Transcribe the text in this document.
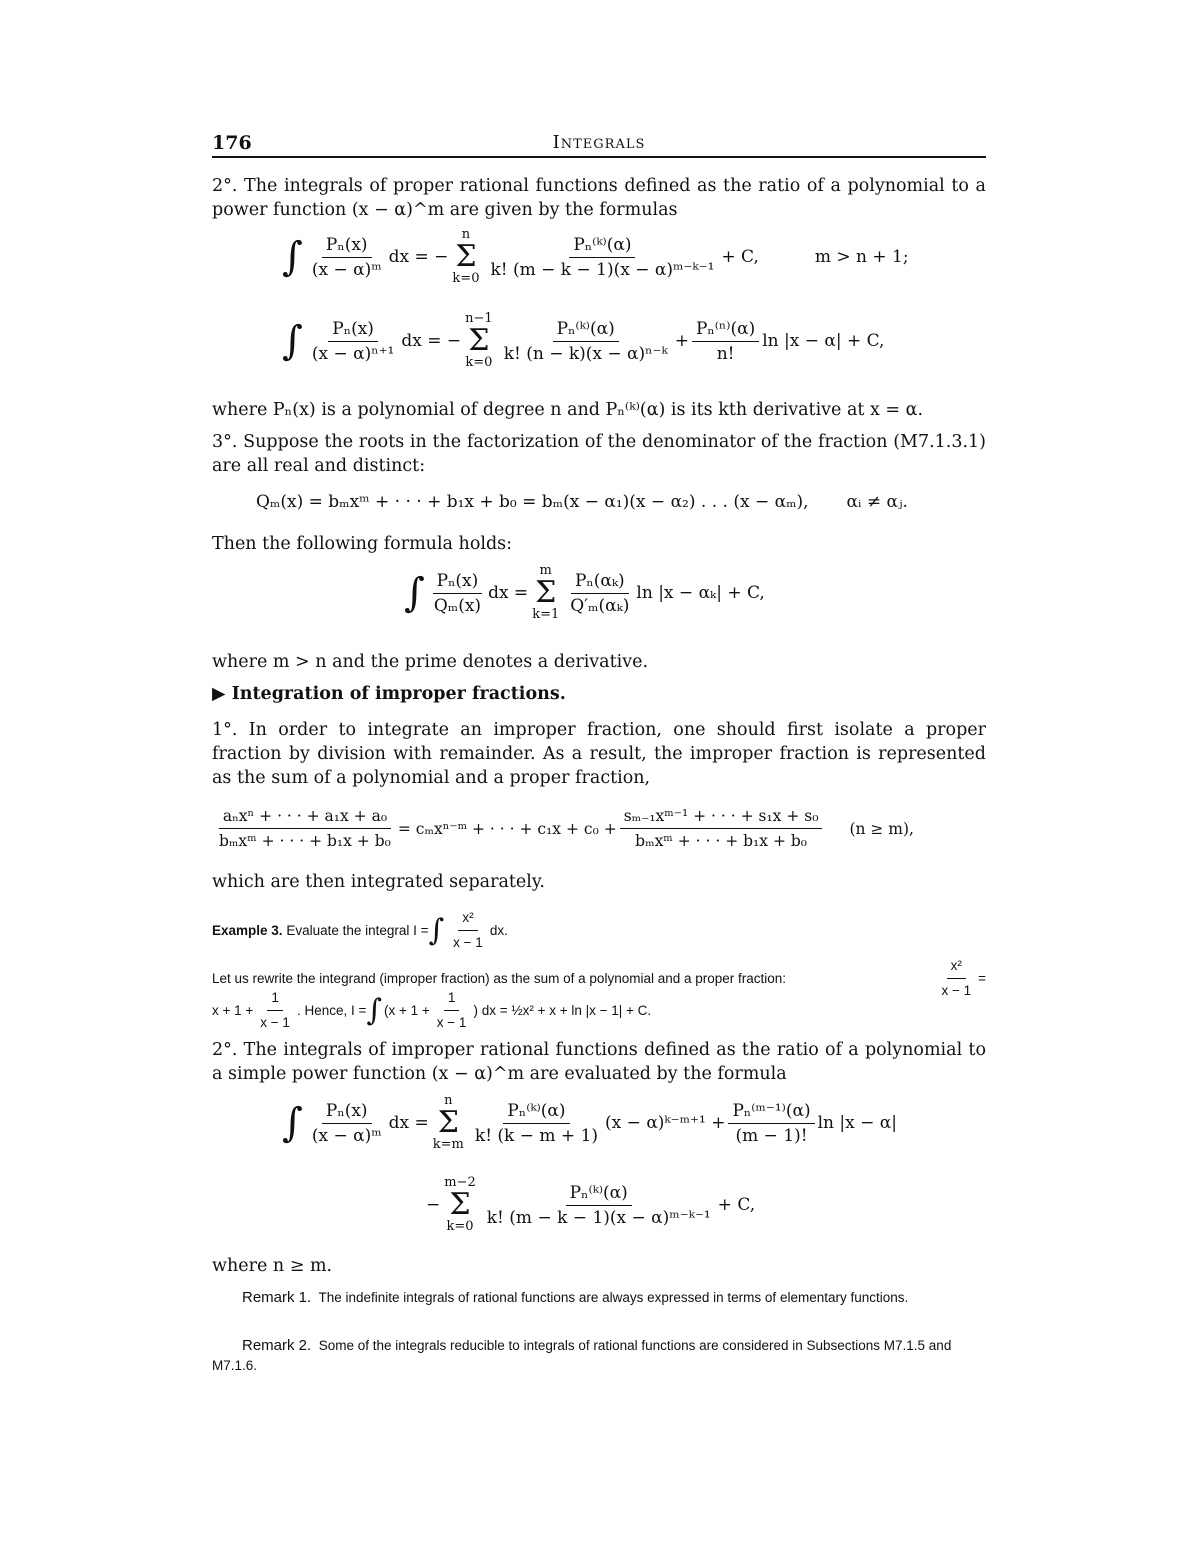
176	Integrals

2°. The integrals of proper rational functions defined as the ratio of a polynomial to a power function (x − α)^m are given by the formulas

∫ $\frac{\text{Pₙ(x)}}{\text{(x − α)ᵐ}}$ dx = −
n
Σ
$k=0 \frac{\text{Pₙ⁽ᵏ⁾(α)}}{\text{k! (m − k − 1)(x − α)ᵐ⁻ᵏ⁻¹}} + C$,	m > n + 1;
∫ $\frac{\text{Pₙ(x)}}{\text{(x − α)ⁿ⁺¹}}$ dx = −
n−1
Σ
$k=0 \frac{\text{Pₙ⁽ᵏ⁾(α)}}{\text{k! (n − k)(x − α)ⁿ⁻ᵏ}} + \frac{\text{Pₙ⁽ⁿ⁾(α)}}{n!}$ ln |x − α| + C,

where Pₙ(x) is a polynomial of degree n and Pₙ⁽ᵏ⁾(α) is its kth derivative at x = α.

3°. Suppose the roots in the factorization of the denominator of the fraction (M7.1.3.1) are all real and distinct:

Qₘ(x) = bₘxᵐ + · · · + b₁x + b₀ = bₘ(x − α₁)(x − α₂) . . . (x − αₘ), αᵢ ≠ αⱼ.

Then the following formula holds:

∫ $\frac{\text{Pₙ(x)}}{\text{Qₘ(x)}}$ dx =
m
Σ
$k=1 \frac{\text{Pₙ(αₖ)}}{\text{Q′ₘ(αₖ)}}$ ln |x − αₖ| + C,

where m > n and the prime denotes a derivative.

▶ Integration of improper fractions.

1°. In order to integrate an improper fraction, one should first isolate a proper fraction by division with remainder. As a result, the improper fraction is represented as the sum of a polynomial and a proper fraction,

$\frac{\text{aₙxⁿ + · · · + a₁x + a₀}}{\text{bₘxᵐ + · · · + b₁x + b₀}}$ = cₘxⁿ⁻ᵐ + · · · + $c_1x + c_0 + \frac{\text{sₘ₋₁xᵐ⁻¹ + · · · + s₁x + s₀}}{\text{bₘxᵐ + · · · + b₁x + b₀}} (n \ge m)$,

which are then integrated separately.

Example 3.
Evaluate the integral I = ∫ $\frac{\text{x²}}{x - 1}$ dx.
Let us rewrite the integrand (improper fraction) as the sum of a polynomial and a proper fraction:	$\frac{\text{x²}}{x - 1}$ =
$x + 1 + \frac{1}{x - 1}$ . Hence,
I = ∫ ($x + 1 + \frac{1}{x - 1}$ ) dx =
½x² + x + ln |x − 1| + C.

2°. The integrals of improper rational functions defined as the ratio of a polynomial to a simple power function (x − α)^m are evaluated by the formula

∫ $\frac{\text{Pₙ(x)}}{\text{(x − α)ᵐ}}$ dx =
n
Σ
$k=m \frac{\text{Pₙ⁽ᵏ⁾(α)}}{k! (k - m + 1)} (x$ − α)ᵏ⁻ᵐ⁺¹ + $\frac{\text{Pₙ⁽ᵐ⁻¹⁾(α)}}{(m - 1)!}$ ln |x − α|
−
m−2
Σ
$k=0 \frac{\text{Pₙ⁽ᵏ⁾(α)}}{\text{k! (m − k − 1)(x − α)ᵐ⁻ᵏ⁻¹}} + C$,

where n ≥ m.

Remark 1. The indefinite integrals of rational functions are always expressed in terms of elementary functions.

Remark 2. Some of the integrals reducible to integrals of rational functions are considered in Subsections M7.1.5 and M7.1.6.
